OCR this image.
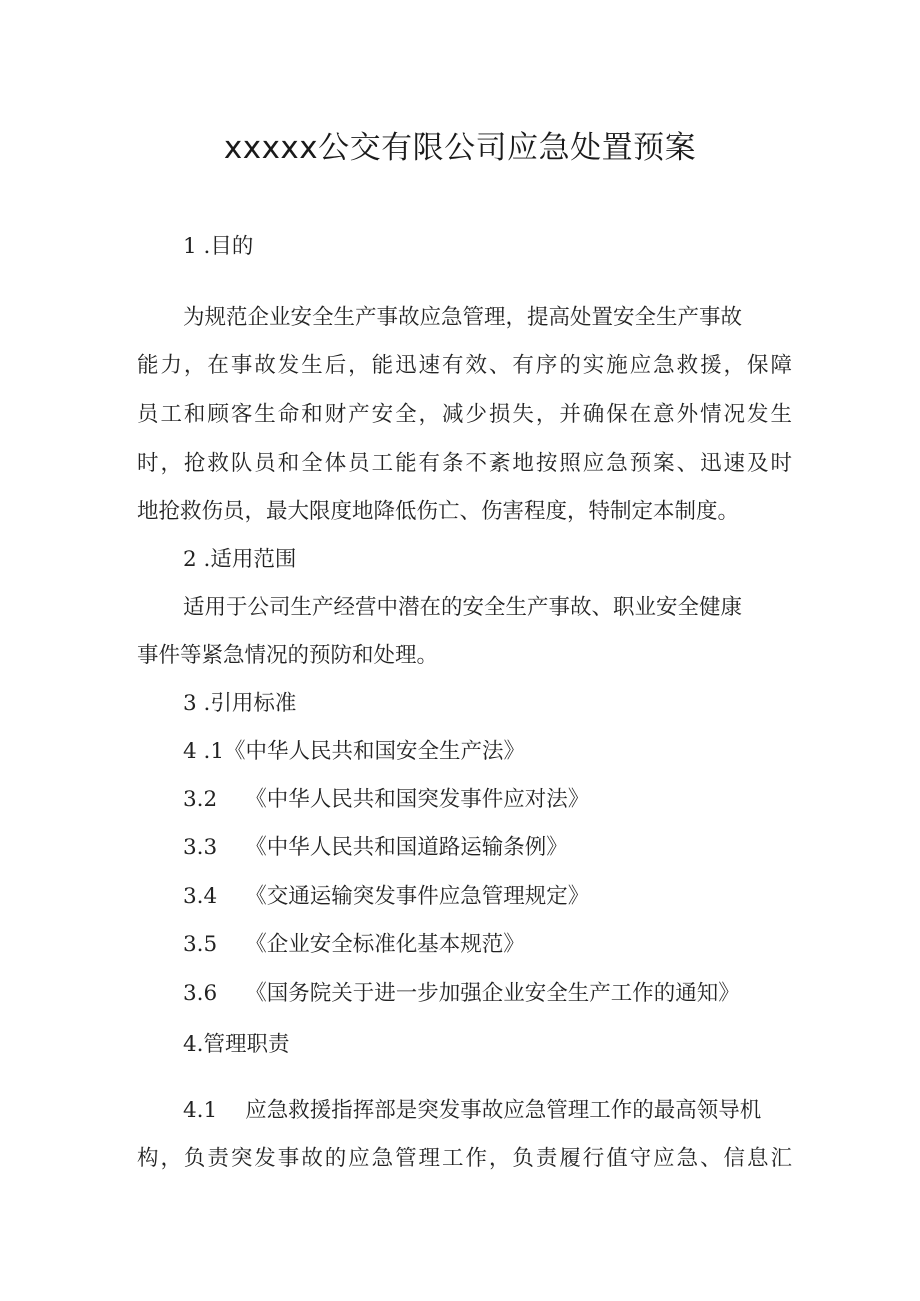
xxxxx公交有限公司应急处置预案
1 .目的
为规范企业安全生产事故应急管理，提高处置安全生产事故
能力，在事故发生后，能迅速有效、有序的实施应急救援，保障
员工和顾客生命和财产安全，减少损失，并确保在意外情况发生
时，抢救队员和全体员工能有条不紊地按照应急预案、迅速及时
地抢救伤员，最大限度地降低伤亡、伤害程度，特制定本制度。
2 .适用范围
适用于公司生产经营中潜在的安全生产事故、职业安全健康
事件等紧急情况的预防和处理。
3 .引用标准
4 .1《中华人民共和国安全生产法》
3.2 《中华人民共和国突发事件应对法》
3.3 《中华人民共和国道路运输条例》
3.4 《交通运输突发事件应急管理规定》
3.5 《企业安全标准化基本规范》
3.6 《国务院关于进一步加强企业安全生产工作的通知》
4.管理职责
4.1 应急救援指挥部是突发事故应急管理工作的最高领导机
构，负责突发事故的应急管理工作，负责履行值守应急、信息汇
